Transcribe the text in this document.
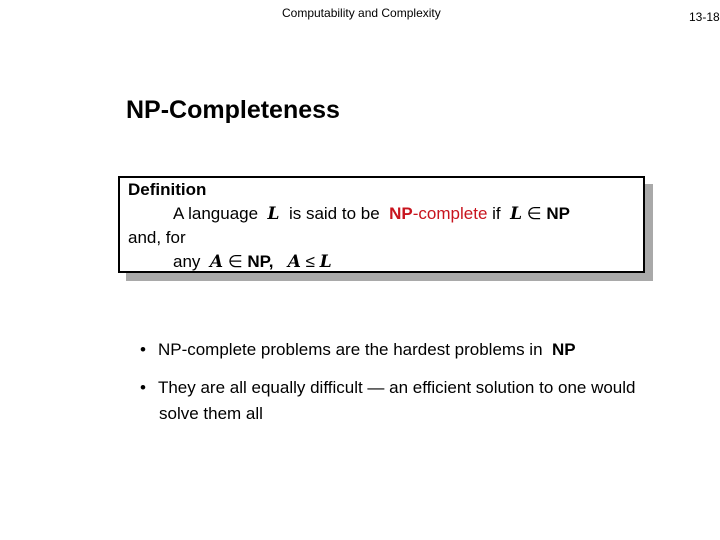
Computability and Complexity	13-18
NP-Completeness
Definition
A language L is said to be NP-complete if L ∈ NP
and, for
any A ∈ NP, A ≤ L
• NP-complete problems are the hardest problems in NP
• They are all equally difficult — an efficient solution to one would
solve them all
